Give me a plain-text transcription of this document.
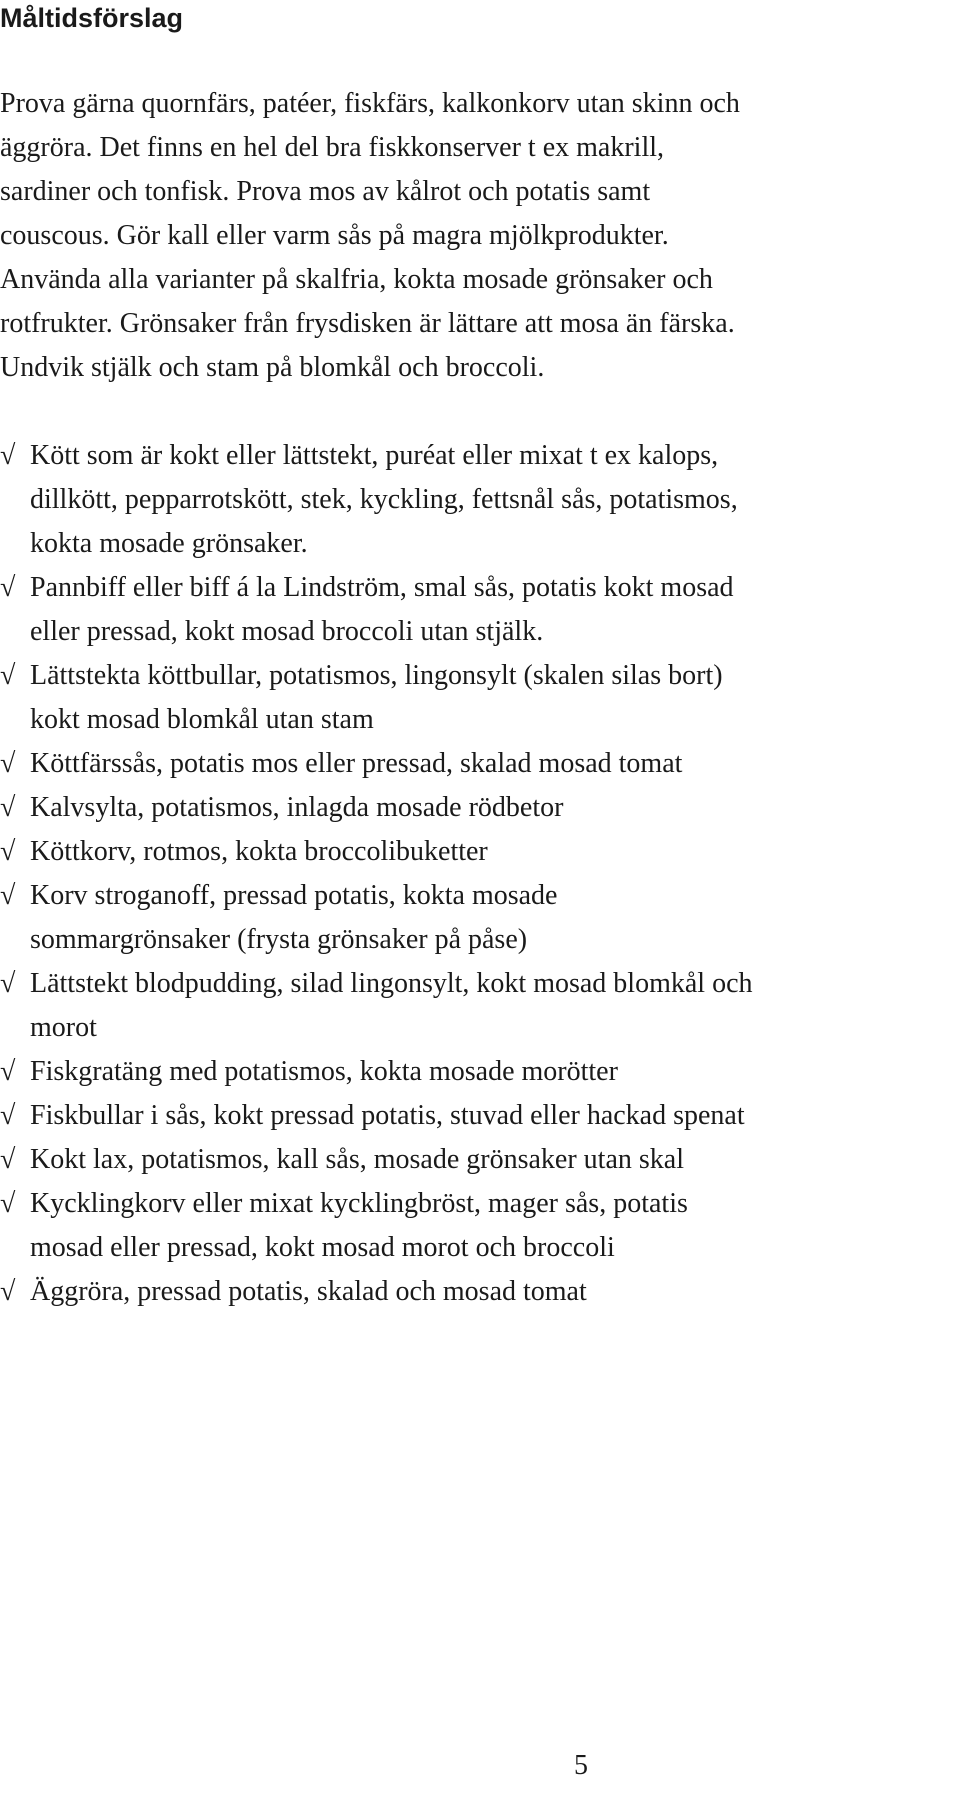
Måltidsförslag
Prova gärna quornfärs, patéer, fiskfärs, kalkonkorv utan skinn och
äggröra. Det finns en hel del bra fiskkonserver t ex makrill,
sardiner och tonfisk. Prova mos av kålrot och potatis samt
couscous. Gör kall eller varm sås på magra mjölkprodukter.
Använda alla varianter på skalfria, kokta mosade grönsaker och
rotfrukter. Grönsaker från frysdisken är lättare att mosa än färska.
Undvik stjälk och stam på blomkål och broccoli.
√ Kött som är kokt eller lättstekt, puréat eller mixat t ex kalops,
dillkött, pepparrotskött, stek, kyckling, fettsnål sås, potatismos,
kokta mosade grönsaker.
√ Pannbiff eller biff á la Lindström, smal sås, potatis kokt mosad
eller pressad, kokt mosad broccoli utan stjälk.
√ Lättstekta köttbullar, potatismos, lingonsylt (skalen silas bort)
kokt mosad blomkål utan stam
√ Köttfärssås, potatis mos eller pressad, skalad mosad tomat
√ Kalvsylta, potatismos, inlagda mosade rödbetor
√ Köttkorv, rotmos, kokta broccolibuketter
√ Korv stroganoff, pressad potatis, kokta mosade
sommargrönsaker (frysta grönsaker på påse)
√ Lättstekt blodpudding, silad lingonsylt, kokt mosad blomkål och
morot
√ Fiskgratäng med potatismos, kokta mosade morötter
√ Fiskbullar i sås, kokt pressad potatis, stuvad eller hackad spenat
√ Kokt lax, potatismos, kall sås, mosade grönsaker utan skal
√ Kycklingkorv eller mixat kycklingbröst, mager sås, potatis
mosad eller pressad, kokt mosad morot och broccoli
√ Äggröra, pressad potatis, skalad och mosad tomat
5
